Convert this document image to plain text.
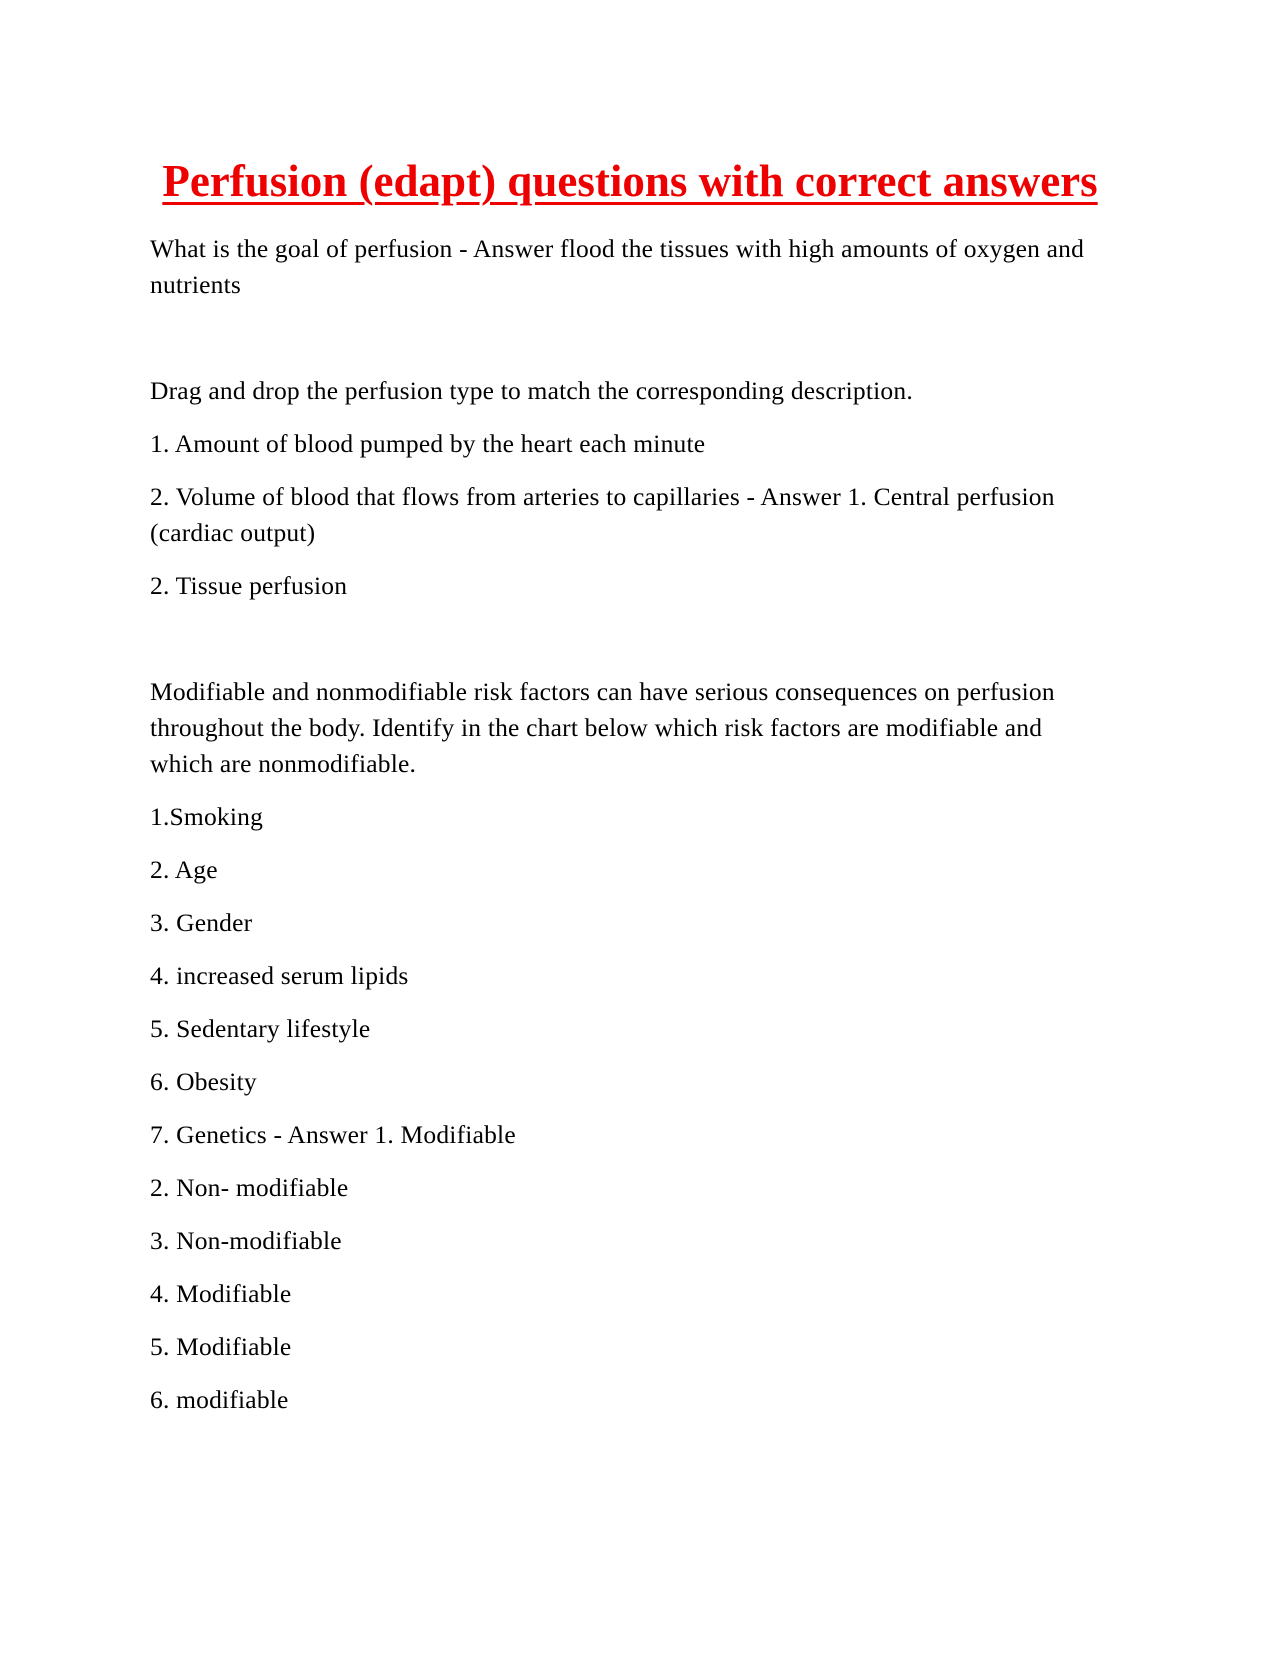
Perfusion (edapt) questions with correct answers

What is the goal of perfusion - Answer flood the tissues with high amounts of oxygen and nutrients

Drag and drop the perfusion type to match the corresponding description.

1. Amount of blood pumped by the heart each minute

2. Volume of blood that flows from arteries to capillaries - Answer 1. Central perfusion (cardiac output)

2. Tissue perfusion

Modifiable and nonmodifiable risk factors can have serious consequences on perfusion throughout the body. Identify in the chart below which risk factors are modifiable and which are nonmodifiable.

1.Smoking

2. Age

3. Gender

4. increased serum lipids

5. Sedentary lifestyle

6. Obesity

7. Genetics - Answer 1. Modifiable

2. Non- modifiable

3. Non-modifiable

4. Modifiable

5. Modifiable

6. modifiable
